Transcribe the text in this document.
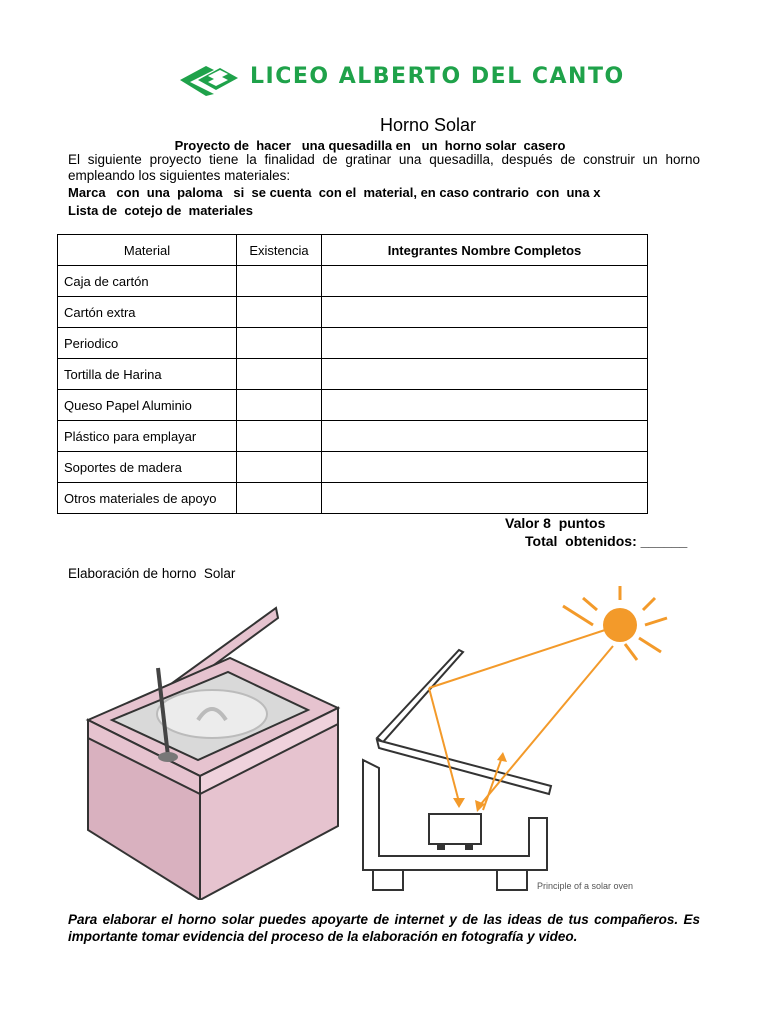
LICEO ALBERTO DEL CANTO
Horno Solar
Proyecto de  hacer   una quesadilla en   un  horno solar  casero
El siguiente proyecto tiene la finalidad de gratinar una quesadilla, después de construir un horno empleando los siguientes materiales:
Marca   con  una  paloma   si  se cuenta  con el  material, en caso contrario  con  una x
Lista de  cotejo de  materiales
Material	Existencia	Integrantes Nombre Completos
Caja de cartón		
Cartón extra		
Periodico		
Tortilla de Harina		
Queso Papel Aluminio		
Plástico para emplayar		
Soportes de madera		
Otros materiales de apoyo		
Valor 8  puntos
Total  obtenidos: ______
Elaboración de horno  Solar
Principle of a solar oven
Para elaborar el horno solar puedes apoyarte de internet y de las ideas de tus compañeros. Es importante tomar evidencia del proceso de la elaboración en fotografía y video.
